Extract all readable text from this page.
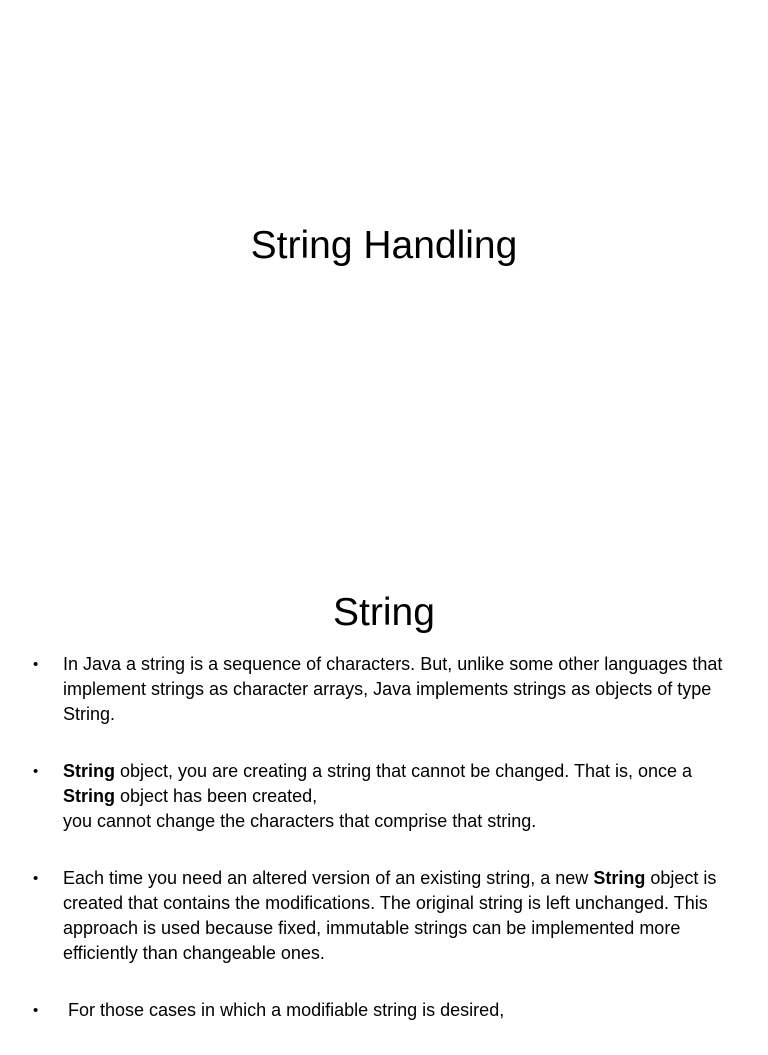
String Handling
String
• In Java a string is a sequence of characters. But, unlike some other languages that implement strings as character arrays, Java implements strings as objects of type String.
• String object, you are creating a string that cannot be changed. That is, once a String object has been created,
you cannot change the characters that comprise that string.
• Each time you need an altered version of an existing string, a new String object is created that contains the modifications. The original string is left unchanged. This approach is used because fixed, immutable strings can be implemented more efficiently than changeable ones.
• For those cases in which a modifiable string is desired,
